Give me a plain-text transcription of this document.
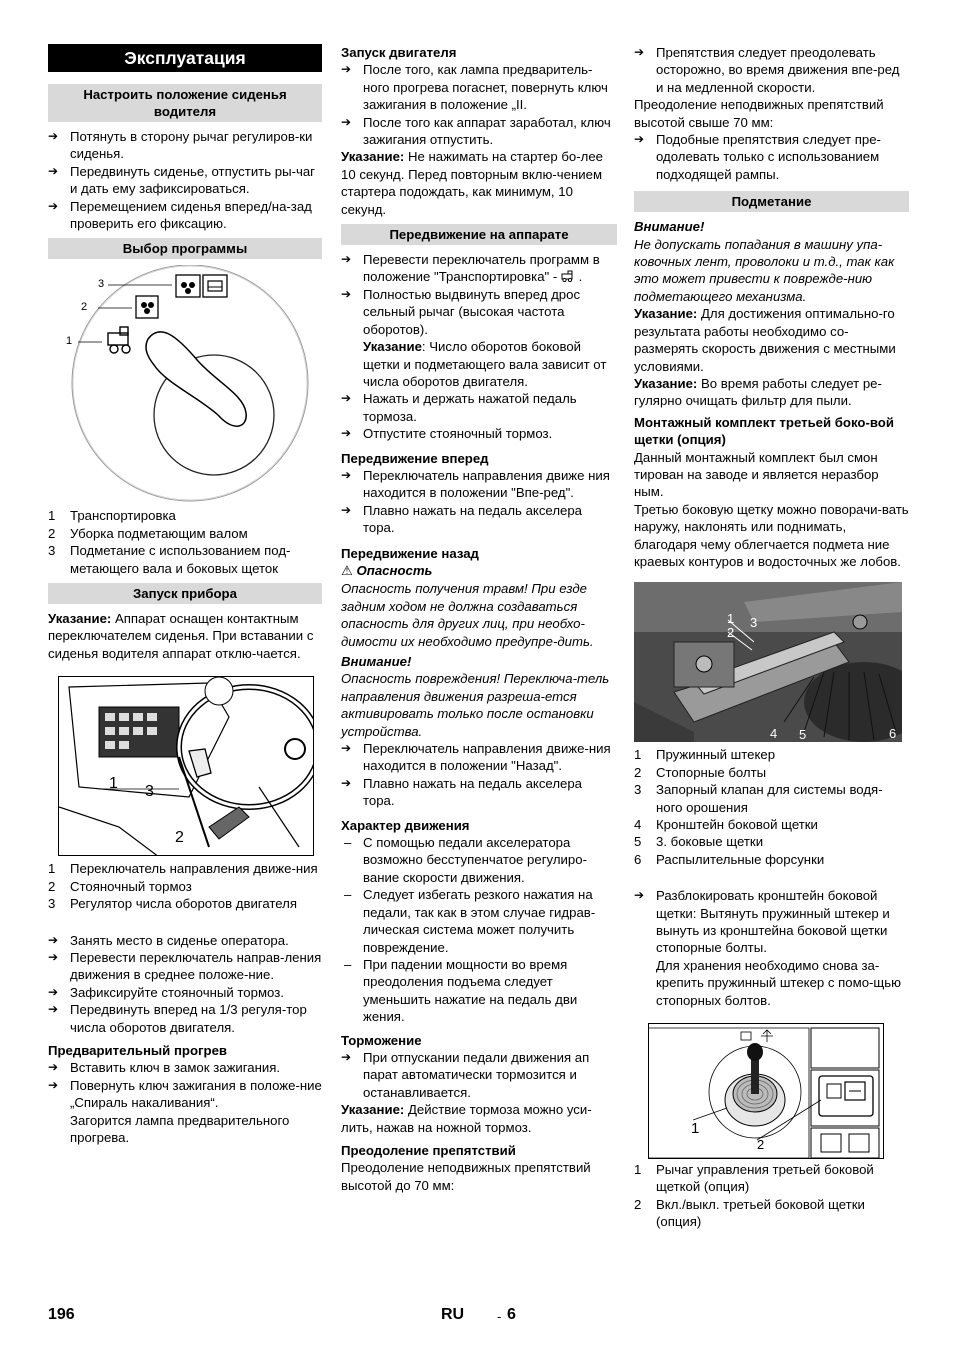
Эксплуатация
Настроить положение сиденья водителя
➔ Потянуть в сторону рычаг регулиров-ки сиденья.
➔ Передвинуть сиденье, отпустить ры-чаг и дать ему зафиксироваться.
➔ Перемещением сиденья вперед/на-зад проверить его фиксацию.
Выбор программы
3
2
1
1 Транспортировка
2 Уборка подметающим валом
3 Подметание с использованием под-метающего вала и боковых щеток
Запуск прибора
Указание: Аппарат оснащен контактным переключателем сиденья. При вставании с сиденья водителя аппарат отклю-чается.
1 3
2
1 Переключатель направления движе-ния
2 Стояночный тормоз
3 Регулятор числа оборотов двигателя
➔ Занять место в сиденье оператора.
➔ Перевести переключатель направ-ления движения в среднее положе-ние.
➔ Зафиксируйте стояночный тормоз.
➔ Передвинуть вперед на 1/3 регуля-тор числа оборотов двигателя.
Предварительный прогрев
➔ Вставить ключ в замок зажигания.
➔ Повернуть ключ зажигания в положе-ние „Спираль накаливания“.
Загорится лампа предварительного прогрева.
Запуск двигателя
➔ После того, как лампа предваритель-ного прогрева погаснет, повернуть ключ зажигания в положение „II.
➔ После того как аппарат заработал, ключ зажигания отпустить.
Указание: Не нажимать на стартер бо-лее 10 секунд. Перед повторным вклю-чением стартера подождать, как минимум, 10 секунд.
Передвижение на аппарате
➔ Перевести переключатель программ в положение "Транспортировка" -  .
➔ Полностью выдвинуть вперед дрос сельный рычаг (высокая частота оборотов).
Указание: Число оборотов боковой щетки и подметающего вала зависит от числа оборотов двигателя.
➔ Нажать и держать нажатой педаль тормоза.
➔ Отпустите стояночный тормоз.
Передвижение вперед
➔ Переключатель направления движе ния находится в положении "Впе-ред".
➔ Плавно нажать на педаль акселера тора.
Передвижение назад
⚠ Опасность
Опасность получения травм! При езде задним ходом не должна создаваться опасность для других лиц, при необхо-димости их необходимо предупре-дить.
Внимание!
Опасность повреждения! Переключа-тель направления движения разреша-ется активировать только после остановки устройства.
➔ Переключатель направления движе-ния находится в положении "Назад".
➔ Плавно нажать на педаль акселера тора.
Характер движения
– С помощью педали акселератора возможно бесступенчатое регулиро-вание скорости движения.
– Следует избегать резкого нажатия на педали, так как в этом случае гидрав-лическая система может получить повреждение.
– При падении мощности во время преодоления подъема следует уменьшить нажатие на педаль дви жения.
Торможение
➔ При отпускании педали движения ап парат автоматически тормозится и останавливается.
Указание: Действие тормоза можно уси-лить, нажав на ножной тормоз.
Преодоление препятствий
Преодоление неподвижных препятствий высотой до 70 мм:
➔ Препятствия следует преодолевать осторожно, во время движения впе-ред и на медленной скорости.
Преодоление неподвижных препятствий высотой свыше 70 мм:
➔ Подобные препятствия следует пре-одолевать только с использованием подходящей рампы.
Подметание
Внимание!
Не допускать попадания в машину упа-ковочных лент, проволоки и т.д., так как это может привести к поврежде-нию подметающего механизма.
Указание: Для достижения оптимально-го результата работы необходимо со-размерять скорость движения с местными условиями.
Указание: Во время работы следует ре-гулярно очищать фильтр для пыли.
Монтажный комплект третьей боко-вой щетки (опция)
Данный монтажный комплект был смон тирован на заводе и является неразбор ным.
Третью боковую щетку можно поворачи-вать наружу, наклонять или поднимать, благодаря чему облегчается подмета ние краевых контуров и водосточных же лобов.
1
2
3
4 5	6
1 Пружинный штекер
2 Стопорные болты
3 Запорный клапан для системы водя-ного орошения
4 Кронштейн боковой щетки
5 3. боковые щетки
6 Распылительные форсунки
➔ Разблокировать кронштейн боковой щетки: Вытянуть пружинный штекер и вынуть из кронштейна боковой щетки стопорные болты.
Для хранения необходимо снова за-крепить пружинный штекер с помо-щью стопорных болтов.
1
2
1 Рычаг управления третьей боковой щеткой (опция)
2 Вкл./выкл. третьей боковой щетки (опция)
196	RU	- 6
